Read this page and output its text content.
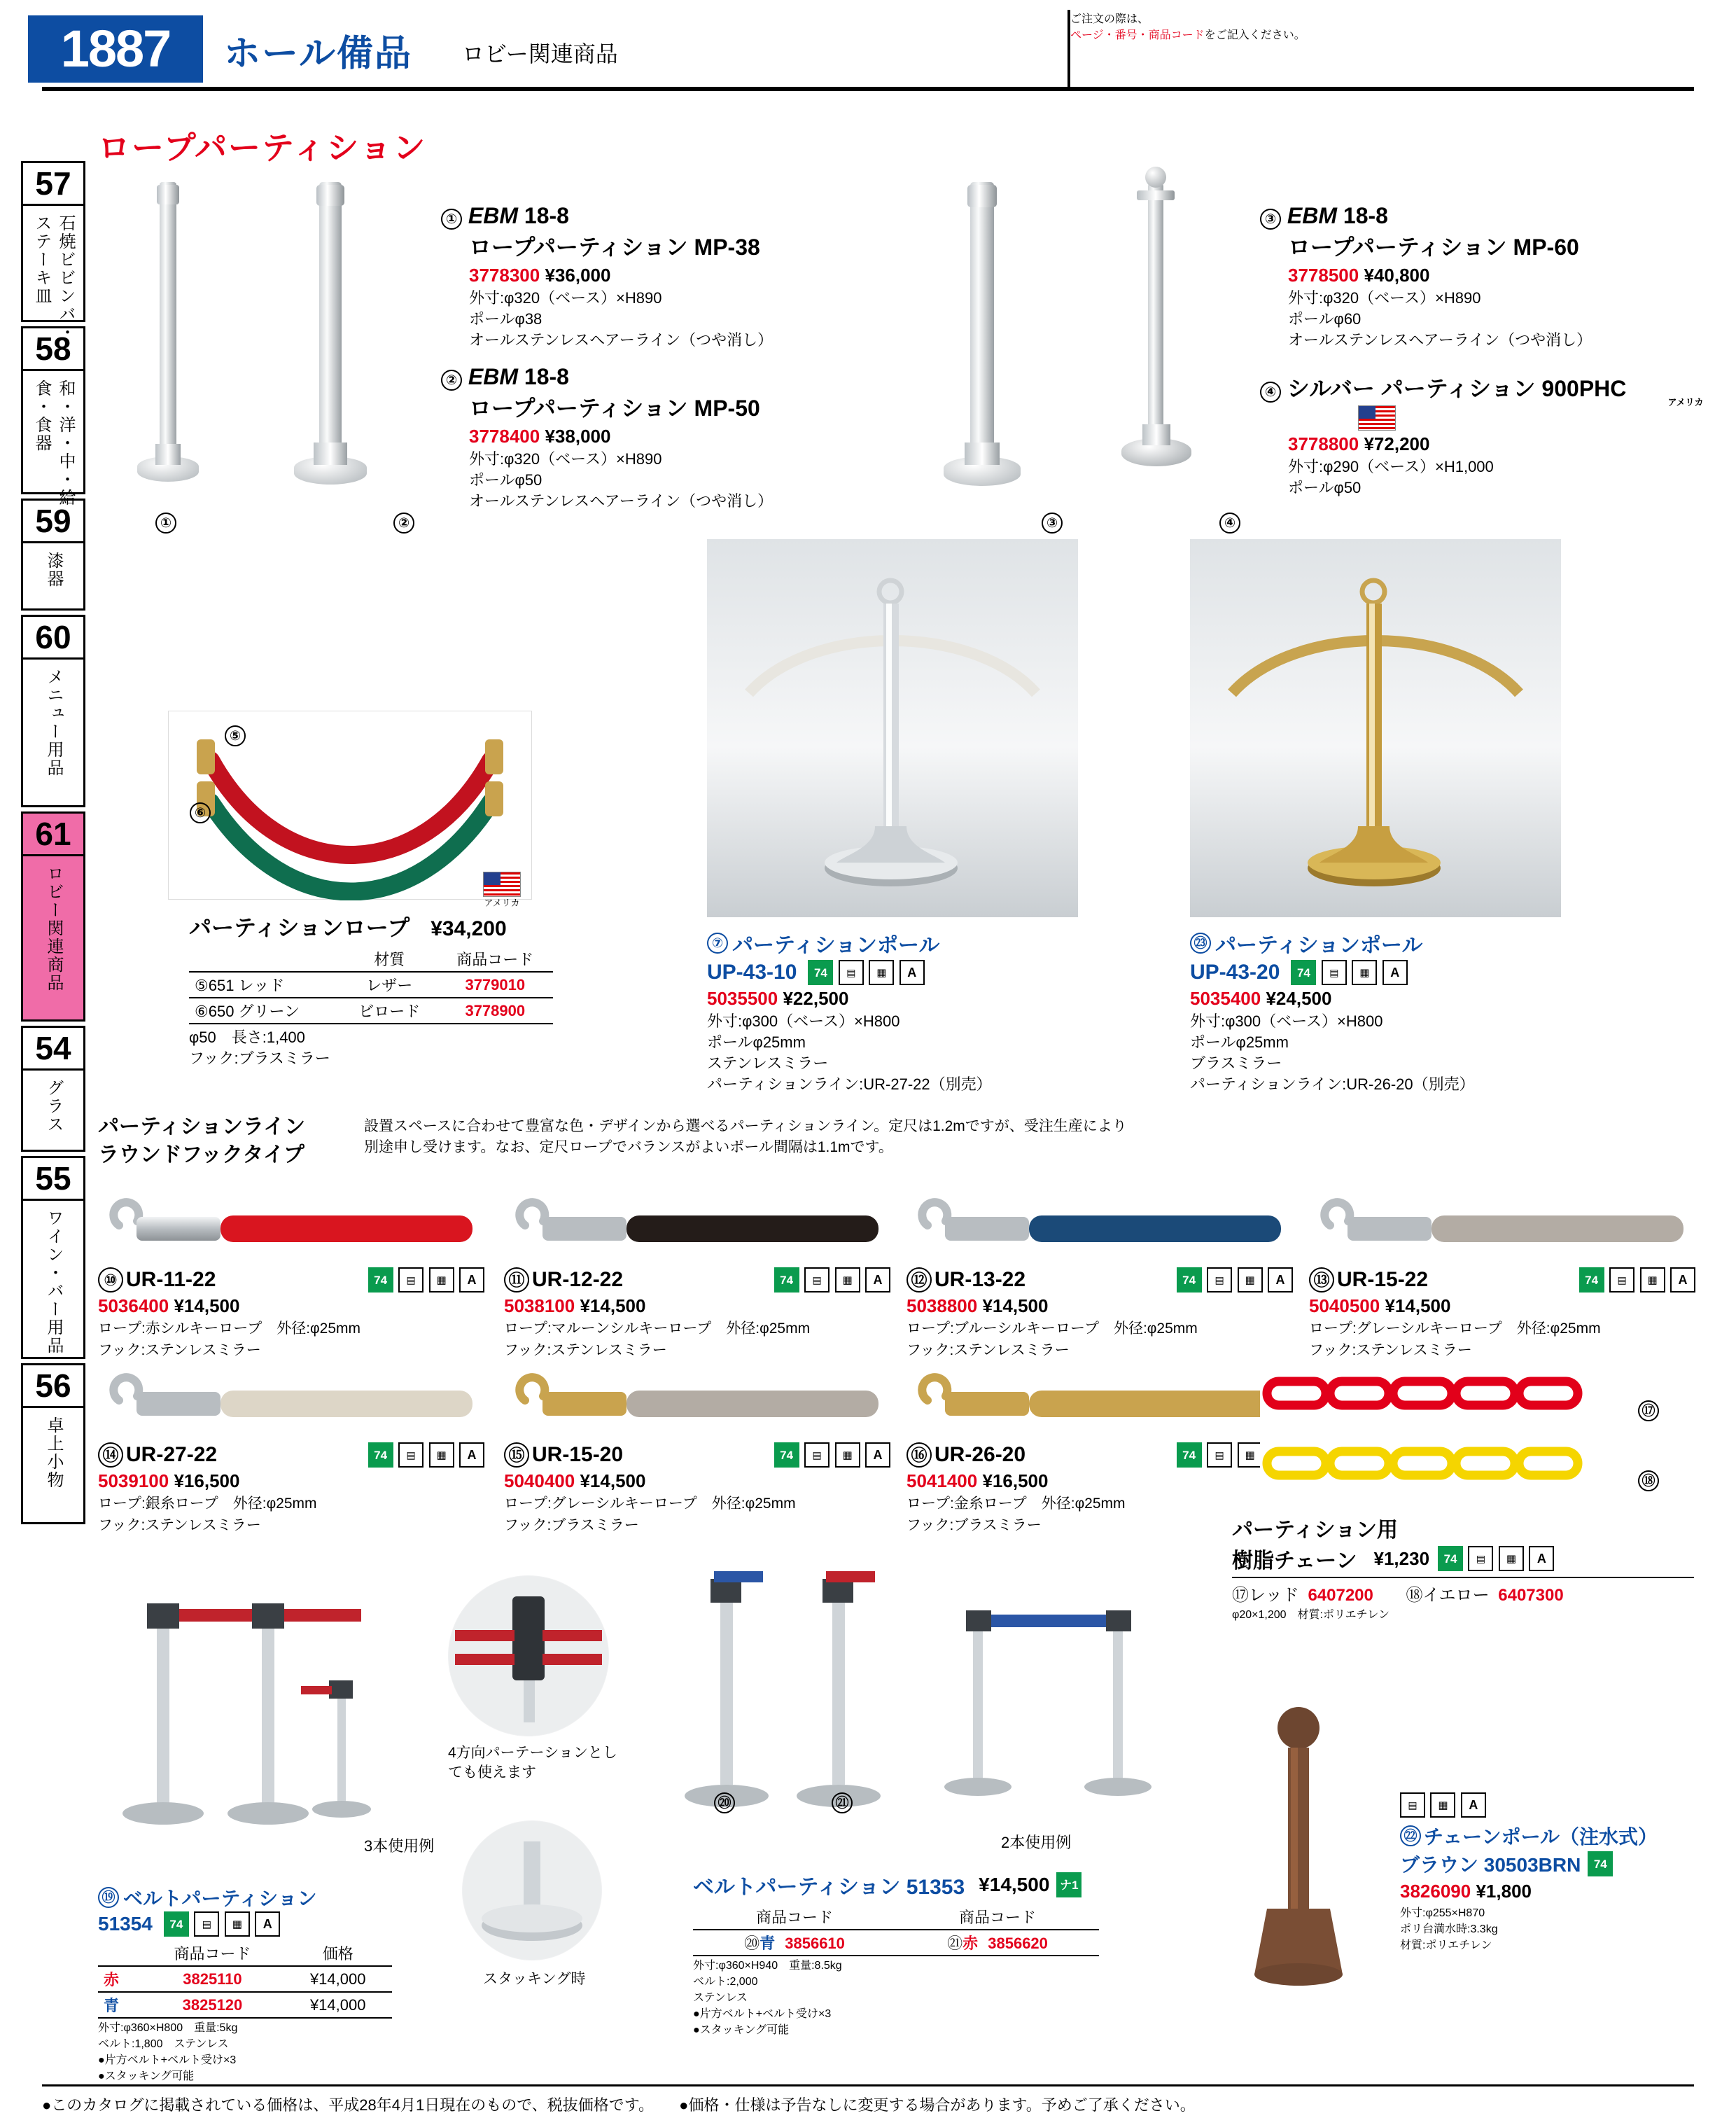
1887	ホール備品 ロビー関連商品
ご注文の際は、
ページ・番号・商品コードをご記入ください。
57
石焼ビビンバ・ステーキ皿
58
和・洋・中・給食・食器
59
漆器
60
メニュー用品
61
ロビー関連商品
54
グラス
55
ワイン・バー用品
56
卓上小物
ロープパーティション
①	②	③	④
① EBM 18-8
ロープパーティション MP-38
3778300 ¥36,000
外寸:φ320（ベース）×H890
ポールφ38
オールステンレスヘアーライン（つや消し）
② EBM 18-8
ロープパーティション MP-50
3778400 ¥38,000
外寸:φ320（ベース）×H890
ポールφ50
オールステンレスヘアーライン（つや消し）
③ EBM 18-8
ロープパーティション MP-60
3778500 ¥40,800
外寸:φ320（ベース）×H890
ポールφ60
オールステンレスヘアーライン（つや消し）
④ シルバー パーティション 900PHC
アメリカ
3778800 ¥72,200
外寸:φ290（ベース）×H1,000
ポールφ50
⑤
⑥
パーティションロープ ¥34,200
	材質	商品コード
⑤651 レッド	レザー	3779010
⑥650 グリーン	ビロード	3778900
φ50　長さ:1,400
フック:ブラスミラー
アメリカ
⑦ パーティションポール
UP-43-10	74 ▤ ▦ A
5035500 ¥22,500
外寸:φ300（ベース）×H800
ポールφ25mm
ステンレスミラー
パーティションライン:UR-27-22（別売）
㉓ パーティションポール
UP-43-20	74 ▤ ▦ A
5035400 ¥24,500
外寸:φ300（ベース）×H800
ポールφ25mm
ブラスミラー
パーティションライン:UR-26-20（別売）
パーティションライン
ラウンドフックタイプ
設置スペースに合わせて豊富な色・デザインから選べるパーティションライン。定尺は1.2mですが、受注生産により
別途申し受けます。なお、定尺ロープでバランスがよいポール間隔は1.1mです。
⑩ UR-11-22	74 ▤ ▦ A
5036400 ¥14,500
ロープ:赤シルキーロープ　外径:φ25mm
フック:ステンレスミラー
⑪ UR-12-22	74 ▤ ▦ A
5038100 ¥14,500
ロープ:マルーンシルキーロープ　外径:φ25mm
フック:ステンレスミラー
⑫ UR-13-22	74 ▤ ▦ A
5038800 ¥14,500
ロープ:ブルーシルキーロープ　外径:φ25mm
フック:ステンレスミラー
⑬ UR-15-22	74 ▤ ▦ A
5040500 ¥14,500
ロープ:グレーシルキーロープ　外径:φ25mm
フック:ステンレスミラー
⑭ UR-27-22	74 ▤ ▦ A
5039100 ¥16,500
ロープ:銀糸ロープ　外径:φ25mm
フック:ステンレスミラー
⑮ UR-15-20	74 ▤ ▦ A
5040400 ¥14,500
ロープ:グレーシルキーロープ　外径:φ25mm
フック:ブラスミラー
⑯ UR-26-20	74 ▤ ▦
5041400 ¥16,500
ロープ:金糸ロープ　外径:φ25mm
フック:ブラスミラー
⑰
⑱
パーティション用
樹脂チェーン ¥1,230	74 ▤ ▦ A
⑰レッド 6407200 ⑱イエロー 6407300
φ20×1,200　材質:ポリエチレン
3本使用例
4方向パーテーションとしても使えます
スタッキング時
⑲ ベルトパーティション
51354	74 ▤ ▦ A
	商品コード	価格
赤	3825110	¥14,000
青	3825120	¥14,000
外寸:φ360×H800　重量:5kg
ベルト:1,800　ステンレス
●片方ベルト+ベルト受け×3
●スタッキング可能
⑳	㉑
2本使用例
ベルトパーティション 51353 ¥14,500 ナ1
商品コード	商品コード
⑳青 3856610	㉑赤 3856620
外寸:φ360×H940　重量:8.5kg
ベルト:2,000
ステンレス
●片方ベルト+ベルト受け×3
●スタッキング可能
▤ ▦ A
㉒ チェーンポール（注水式）
ブラウン 30503BRN	74
3826090 ¥1,800
外寸:φ255×H870
ポリ台満水時:3.3kg
材質:ポリエチレン
●このカタログに掲載されている価格は、平成28年4月1日現在のもので、税抜価格です。 ●価格・仕様は予告なしに変更する場合があります。予めご了承ください。
